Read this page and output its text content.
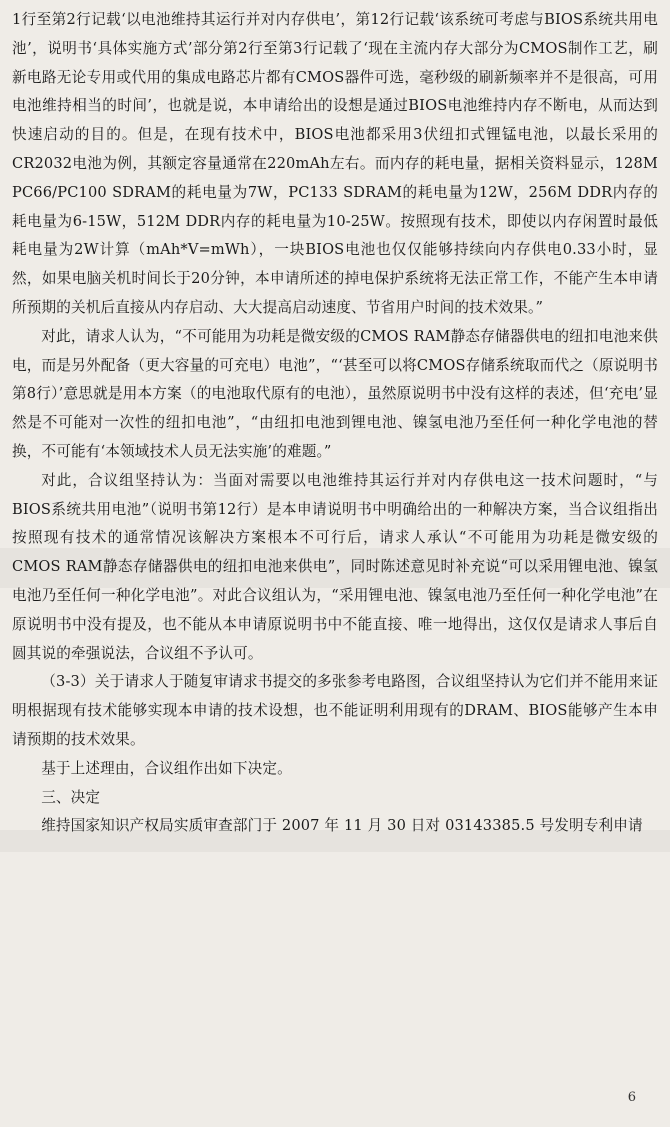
1行至第2行记载‘以电池维持其运行并对内存供电’，第12行记载‘该系统可考虑与BIOS系统共用电池’，说明书‘具体实施方式’部分第2行至第3行记载了‘现在主流内存大部分为CMOS制作工艺，刷新电路无论专用或代用的集成电路芯片都有CMOS器件可选，毫秒级的刷新频率并不是很高，可用电池维持相当的时间’，也就是说，本申请给出的设想是通过BIOS电池维持内存不断电，从而达到快速启动的目的。但是，在现有技术中，BIOS电池都采用3伏纽扣式锂锰电池，以最长采用的CR2032电池为例，其额定容量通常在220mAh左右。而内存的耗电量，据相关资料显示，128M PC66/PC100 SDRAM的耗电量为7W，PC133 SDRAM的耗电量为12W，256M DDR内存的耗电量为6-15W，512M DDR内存的耗电量为10-25W。按照现有技术，即使以内存闲置时最低耗电量为2W计算（mAh*V=mWh），一块BIOS电池也仅仅能够持续向内存供电0.33小时，显然，如果电脑关机时间长于20分钟，本申请所述的掉电保护系统将无法正常工作，不能产生本申请所预期的关机后直接从内存启动、大大提高启动速度、节省用户时间的技术效果。”

对此，请求人认为，“不可能用为功耗是微安级的CMOS RAM静态存储器供电的纽扣电池来供电，而是另外配备（更大容量的可充电）电池”，“‘甚至可以将CMOS存储系统取而代之（原说明书第8行）’意思就是用本方案（的电池取代原有的电池），虽然原说明书中没有这样的表述，但‘充电’显然是不可能对一次性的纽扣电池”，“由纽扣电池到锂电池、镍氢电池乃至任何一种化学电池的替换，不可能有‘本领域技术人员无法实施’的难题。”

对此，合议组坚持认为：当面对需要以电池维持其运行并对内存供电这一技术问题时，“与BIOS系统共用电池”（说明书第12行）是本申请说明书中明确给出的一种解决方案，当合议组指出按照现有技术的通常情况该解决方案根本不可行后，请求人承认“不可能用为功耗是微安级的CMOS RAM静态存储器供电的纽扣电池来供电”，同时陈述意见时补充说“可以采用锂电池、镍氢电池乃至任何一种化学电池”。对此合议组认为，“采用锂电池、镍氢电池乃至任何一种化学电池”在原说明书中没有提及，也不能从本申请原说明书中不能直接、唯一地得出，这仅仅是请求人事后自圆其说的牵强说法，合议组不予认可。

（3-3）关于请求人于随复审请求书提交的多张参考电路图，合议组坚持认为它们并不能用来证明根据现有技术能够实现本申请的技术设想，也不能证明利用现有的DRAM、BIOS能够产生本申请预期的技术效果。

基于上述理由，合议组作出如下决定。

三、决定

维持国家知识产权局实质审查部门于 2007 年 11 月 30 日对 03143385.5 号发明专利申请

6
